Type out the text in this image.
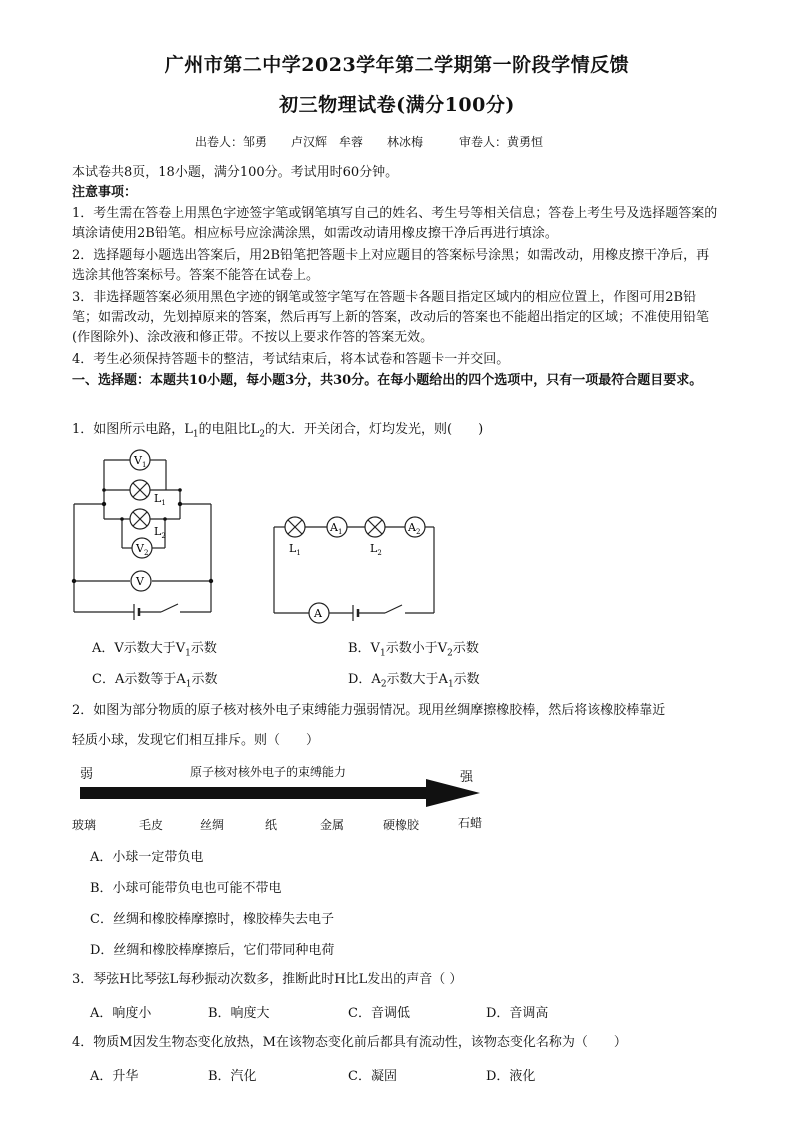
广州市第二中学2023学年第二学期第一阶段学情反馈
初三物理试卷(满分100分)
出卷人：邹勇　　卢汉辉　牟蓉　　林冰梅　　　审卷人：黄勇恒
本试卷共8页，18小题，满分100分。考试用时60分钟。
注意事项：
1．考生需在答卷上用黑色字迹签字笔或钢笔填写自己的姓名、考生号等相关信息；答卷上考生号及选择题答案的填涂请使用2B铅笔。相应标号应涂满涂黑，如需改动请用橡皮擦干净后再进行填涂。
2．选择题每小题选出答案后，用2B铅笔把答题卡上对应题目的答案标号涂黑；如需改动，用橡皮擦干净后，再选涂其他答案标号。答案不能答在试卷上。
3．非选择题答案必须用黑色字迹的钢笔或签字笔写在答题卡各题目指定区域内的相应位置上，作图可用2B铅笔；如需改动，先划掉原来的答案，然后再写上新的答案，改动后的答案也不能超出指定的区域；不准使用铅笔(作图除外)、涂改液和修正带。不按以上要求作答的答案无效。
4．考生必须保持答题卡的整洁，考试结束后，将本试卷和答题卡一并交回。
一、选择题：本题共10小题，每小题3分，共30分。在每小题给出的四个选项中，只有一项最符合题目要求。
1．如图所示电路，$L_1$的电阻比$L_2$的大．开关闭合，灯均发光，则(　　)
$V_1$
$L_1$
$L_2$
$V_2$
V
$L_1$
$A_1$
$L_2$
$A_2$
A
A．V示数大于$V_1$示数	B．$V_1$示数小于$V_2$示数
C．A示数等于$A_1$示数	D．$A_2$示数大于$A_1$示数
2．如图为部分物质的原子核对核外电子束缚能力强弱情况。现用丝绸摩擦橡胶棒，然后将该橡胶棒靠近
轻质小球，发现它们相互排斥。则（　　）
弱	原子核对核外电子的束缚能力	强
玻璃	毛皮	丝绸	纸	金属	硬橡胶	石蜡
A．小球一定带负电
B．小球可能带负电也可能不带电
C．丝绸和橡胶棒摩擦时，橡胶棒失去电子
D．丝绸和橡胶棒摩擦后，它们带同种电荷
3．琴弦H比琴弦L每秒振动次数多，推断此时H比L发出的声音（ ）
A．响度小	B．响度大	C．音调低	D．音调高
4．物质M因发生物态变化放热，M在该物态变化前后都具有流动性，该物态变化名称为（　　）
A．升华	B．汽化	C．凝固	D．液化
